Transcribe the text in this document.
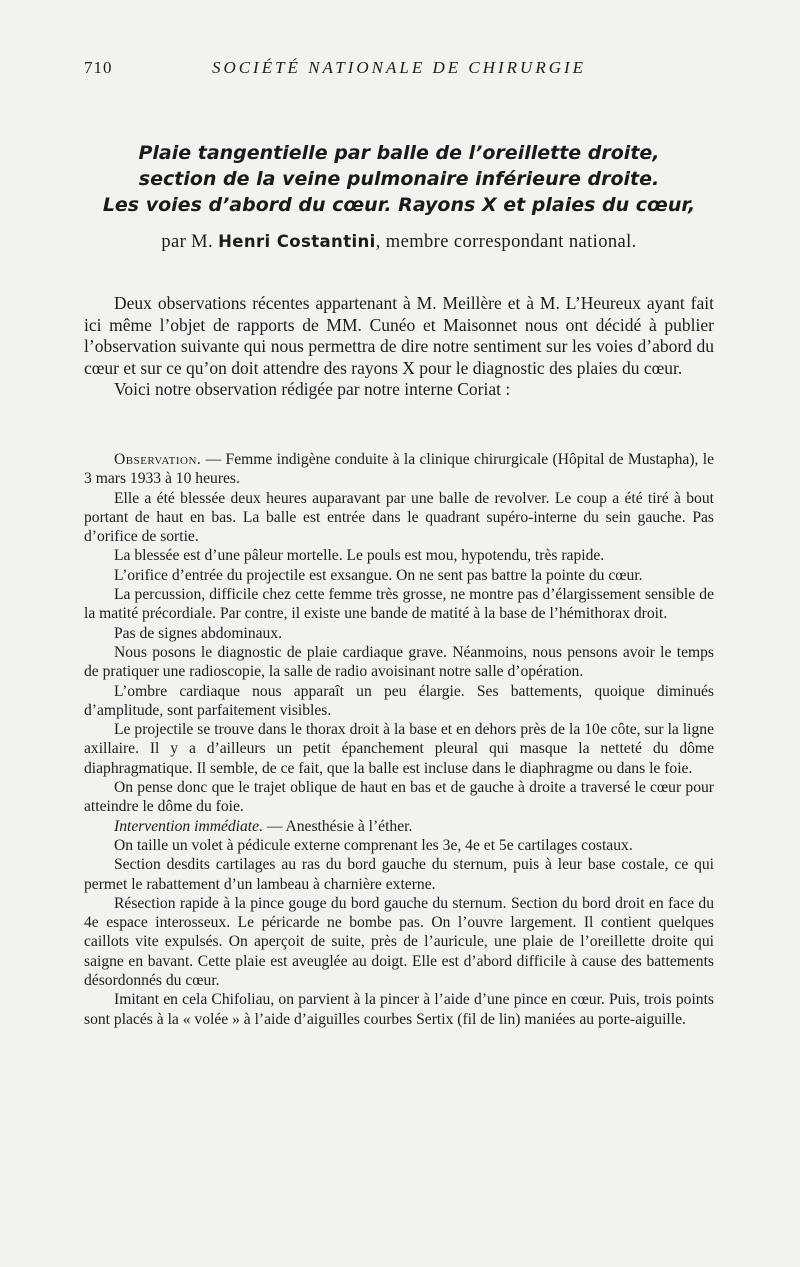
710	SOCIÉTÉ NATIONALE DE CHIRURGIE
Plaie tangentielle par balle de l’oreillette droite,
section de la veine pulmonaire inférieure droite.
Les voies d’abord du cœur. Rayons X et plaies du cœur,
par M. Henri Costantini, membre correspondant national.

Deux observations récentes appartenant à M. Meillère et à M. L’Heureux ayant fait ici même l’objet de rapports de MM. Cunéo et Maisonnet nous ont décidé à publier l’observation suivante qui nous permettra de dire notre sentiment sur les voies d’abord du cœur et sur ce qu’on doit attendre des rayons X pour le diagnostic des plaies du cœur.

Voici notre observation rédigée par notre interne Coriat :

Observation. — Femme indigène conduite à la clinique chirurgicale (Hôpital de Mustapha), le 3 mars 1933 à 10 heures.

Elle a été blessée deux heures auparavant par une balle de revolver. Le coup a été tiré à bout portant de haut en bas. La balle est entrée dans le quadrant supéro-interne du sein gauche. Pas d’orifice de sortie.

La blessée est d’une pâleur mortelle. Le pouls est mou, hypotendu, très rapide.

L’orifice d’entrée du projectile est exsangue. On ne sent pas battre la pointe du cœur.

La percussion, difficile chez cette femme très grosse, ne montre pas d’élargissement sensible de la matité précordiale. Par contre, il existe une bande de matité à la base de l’hémithorax droit.

Pas de signes abdominaux.

Nous posons le diagnostic de plaie cardiaque grave. Néanmoins, nous pensons avoir le temps de pratiquer une radioscopie, la salle de radio avoisinant notre salle d’opération.

L’ombre cardiaque nous apparaît un peu élargie. Ses battements, quoique diminués d’amplitude, sont parfaitement visibles.

Le projectile se trouve dans le thorax droit à la base et en dehors près de la 10e côte, sur la ligne axillaire. Il y a d’ailleurs un petit épanchement pleural qui masque la netteté du dôme diaphragmatique. Il semble, de ce fait, que la balle est incluse dans le diaphragme ou dans le foie.

On pense donc que le trajet oblique de haut en bas et de gauche à droite a traversé le cœur pour atteindre le dôme du foie.

Intervention immédiate. — Anesthésie à l’éther.

On taille un volet à pédicule externe comprenant les 3e, 4e et 5e cartilages costaux.

Section desdits cartilages au ras du bord gauche du sternum, puis à leur base costale, ce qui permet le rabattement d’un lambeau à charnière externe.

Résection rapide à la pince gouge du bord gauche du sternum. Section du bord droit en face du 4e espace interosseux. Le péricarde ne bombe pas. On l’ouvre largement. Il contient quelques caillots vite expulsés. On aperçoit de suite, près de l’auricule, une plaie de l’oreillette droite qui saigne en bavant. Cette plaie est aveuglée au doigt. Elle est d’abord difficile à cause des battements désordonnés du cœur.

Imitant en cela Chifoliau, on parvient à la pincer à l’aide d’une pince en cœur. Puis, trois points sont placés à la « volée » à l’aide d’aiguilles courbes Sertix (fil de lin) maniées au porte-aiguille.
